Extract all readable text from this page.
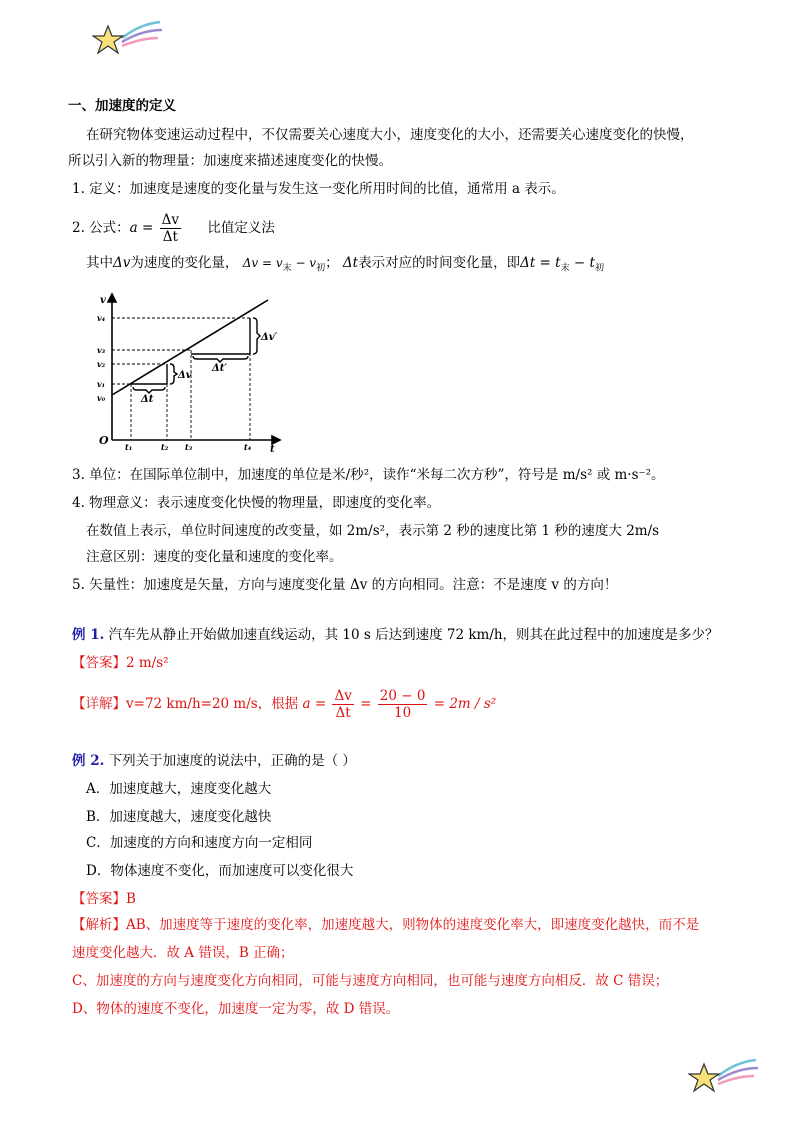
一、加速度的定义
在研究物体变速运动过程中，不仅需要关心速度大小，速度变化的大小，还需要关心速度变化的快慢，
所以引入新的物理量：加速度来描述速度变化的快慢。
1. 定义：加速度是速度的变化量与发生这一变化所用时间的比值，通常用 a 表示。
2. 公式：$a = \frac{\Delta v}{\Delta t}$ 比值定义法
其中Δv为速度的变化量， $\Delta v = v_末 - v_初$； Δt表示对应的时间变化量，即$\Delta t = t_末 - t_初$
v
t
O
v₀
v₁
v₂
v₃
v₄
t₁	t₂ t₃	t₄
Δv
Δt
Δv′
Δt′
3. 单位：在国际单位制中，加速度的单位是米/秒²，读作“米每二次方秒”，符号是 m/s² 或 m·s⁻²。
4. 物理意义：表示速度变化快慢的物理量，即速度的变化率。
在数值上表示，单位时间速度的改变量，如 2m/s²，表示第 2 秒的速度比第 1 秒的速度大 2m/s
注意区别：速度的变化量和速度的变化率。
5. 矢量性：加速度是矢量，方向与速度变化量 Δv 的方向相同。注意：不是速度 v 的方向！
例 1. 汽车先从静止开始做加速直线运动，其 10 s 后达到速度 72 km/h，则其在此过程中的加速度是多少？
【答案】2 m/s²
【详解】v=72 km/h=20 m/s，根据 $a = \frac{\Delta v}{\Delta t} = \frac{20 - 0}{10} = 2m / s^2$
例 2. 下列关于加速度的说法中，正确的是（ ）
A．加速度越大，速度变化越大
B．加速度越大，速度变化越快
C．加速度的方向和速度方向一定相同
D．物体速度不变化，而加速度可以变化很大
【答案】B
【解析】AB、加速度等于速度的变化率，加速度越大，则物体的速度变化率大，即速度变化越快，而不是
速度变化越大．故 A 错误，B 正确；
C、加速度的方向与速度变化方向相同，可能与速度方向相同，也可能与速度方向相反．故 C 错误；
D、物体的速度不变化，加速度一定为零，故 D 错误。
